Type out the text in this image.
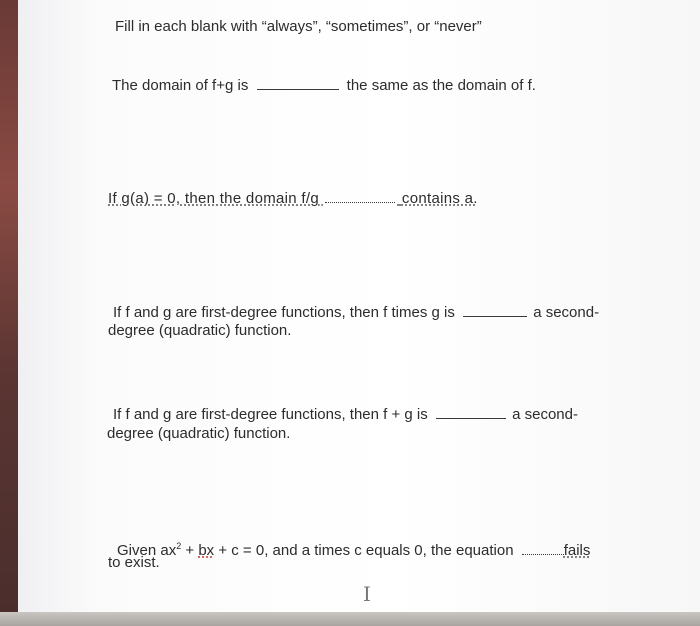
Fill in each blank with “always”, “sometimes”, or “never”
The domain of f+g is	the same as the domain of f.
If g(a) = 0, then the domain f/g	contains a.
If f and g are first-degree functions, then f times g is	a second-
degree (quadratic) function.
If f and g are first-degree functions, then f + g is	a second-
degree (quadratic) function.
Given $ax^2$ + bx + c = 0, and a times c equals 0, the equation	fails
to exist.
I
